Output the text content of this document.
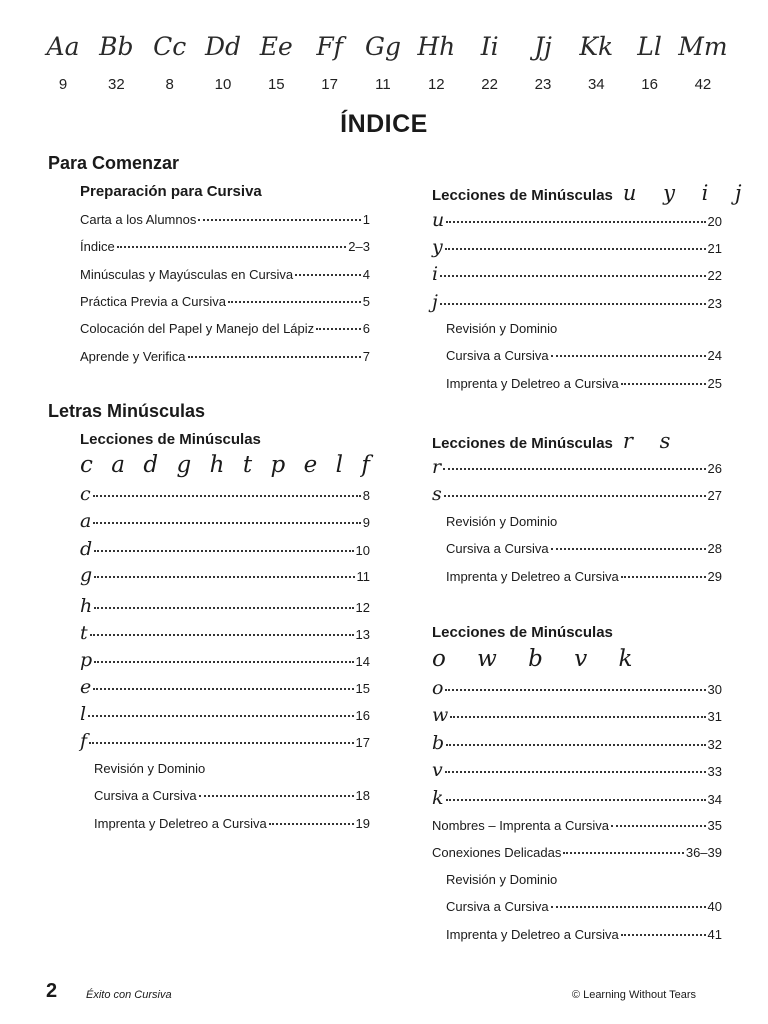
Aa
9
Bb
32
Cc
8
Dd
10
Ee
15
Ff
17
Gg
11
Hh
12
Ii
22
Jj
23
Kk
34
Ll
16
Mm
42
ÍNDICE
Para Comenzar
Preparación para Cursiva
Carta a los Alumnos	1
Índice	2–3
Minúsculas y Mayúsculas en Cursiva	4
Práctica Previa a Cursiva	5
Colocación del Papel y Manejo del Lápiz	6
Aprende y Verifica	7
Letras Minúsculas
Lecciones de Minúsculas
c a d g h t p e l f
c	8
a	9
d	10
g	11
h	12
t	13
p	14
e	15
l	16
f	17
Revisión y Dominio
Cursiva a Cursiva	18
Imprenta y Deletreo a Cursiva	19
Lecciones de Minúsculas u y i j
u	20
y	21
i	22
j	23
Revisión y Dominio
Cursiva a Cursiva	24
Imprenta y Deletreo a Cursiva	25
Lecciones de Minúsculas r s
r	26
s	27
Revisión y Dominio
Cursiva a Cursiva	28
Imprenta y Deletreo a Cursiva	29
Lecciones de Minúsculas
o w b v k
o	30
w	31
b	32
v	33
k	34
Nombres – Imprenta a Cursiva	35
Conexiones Delicadas	36–39
Revisión y Dominio
Cursiva a Cursiva	40
Imprenta y Deletreo a Cursiva	41
2	Éxito con Cursiva	© Learning Without Tears
